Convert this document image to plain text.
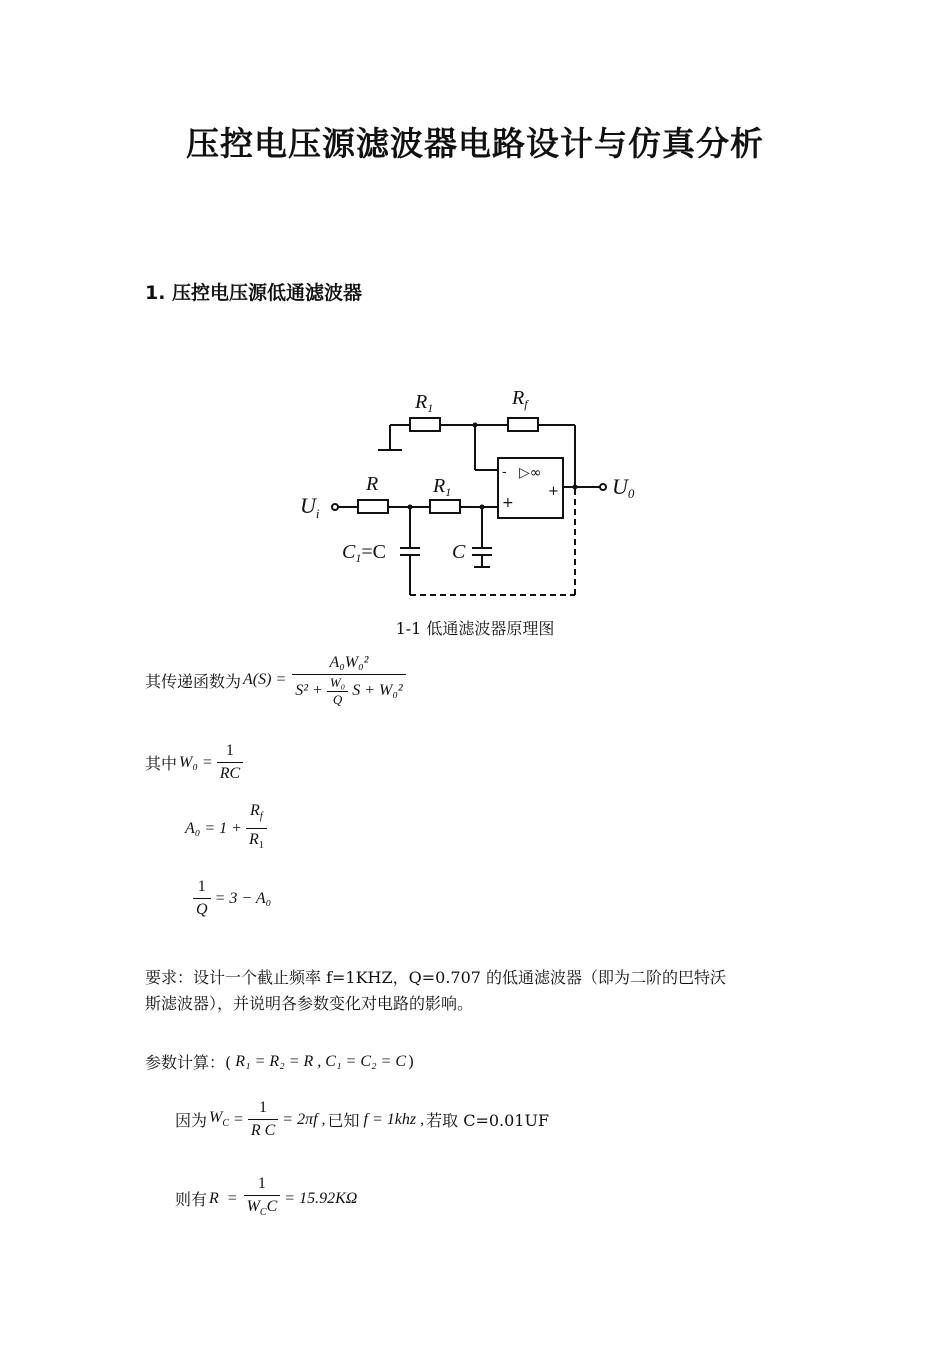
压控电压源滤波器电路设计与仿真分析
1. 压控电压源低通滤波器
$R_1$	$R_f$
R	$R_1$
$U_i$
U0
$C_1=C$	C
▷∞
-
+
+
1-1 低通滤波器原理图
其传递函数为 $A(S) = \frac{\text{A₀W₀²}}{S^2 + \frac{\text{W₀}}{Q} S + W_0^2}$
其中 $W_0 = \frac{1}{RC}$
$A_0 = 1 + \frac{R_f}{R_1}$
$\frac{1}{Q} = 3 - A_0$
要求：设计一个截止频率 f=1KHZ，Q=0.707 的低通滤波器（即为二阶的巴特沃
斯滤波器），并说明各参数变化对电路的影响。
参数计算：( R₁ = R₂ = R , C₁ = C₂ = C )
因为 $W_C = \frac{1}{\text{R C}} = 2\pi f$ , 已知 f = 1khz , 若取 C=0.01UF
则有 $R = \frac{1}{W_CC} = 15.92K\Omega$
